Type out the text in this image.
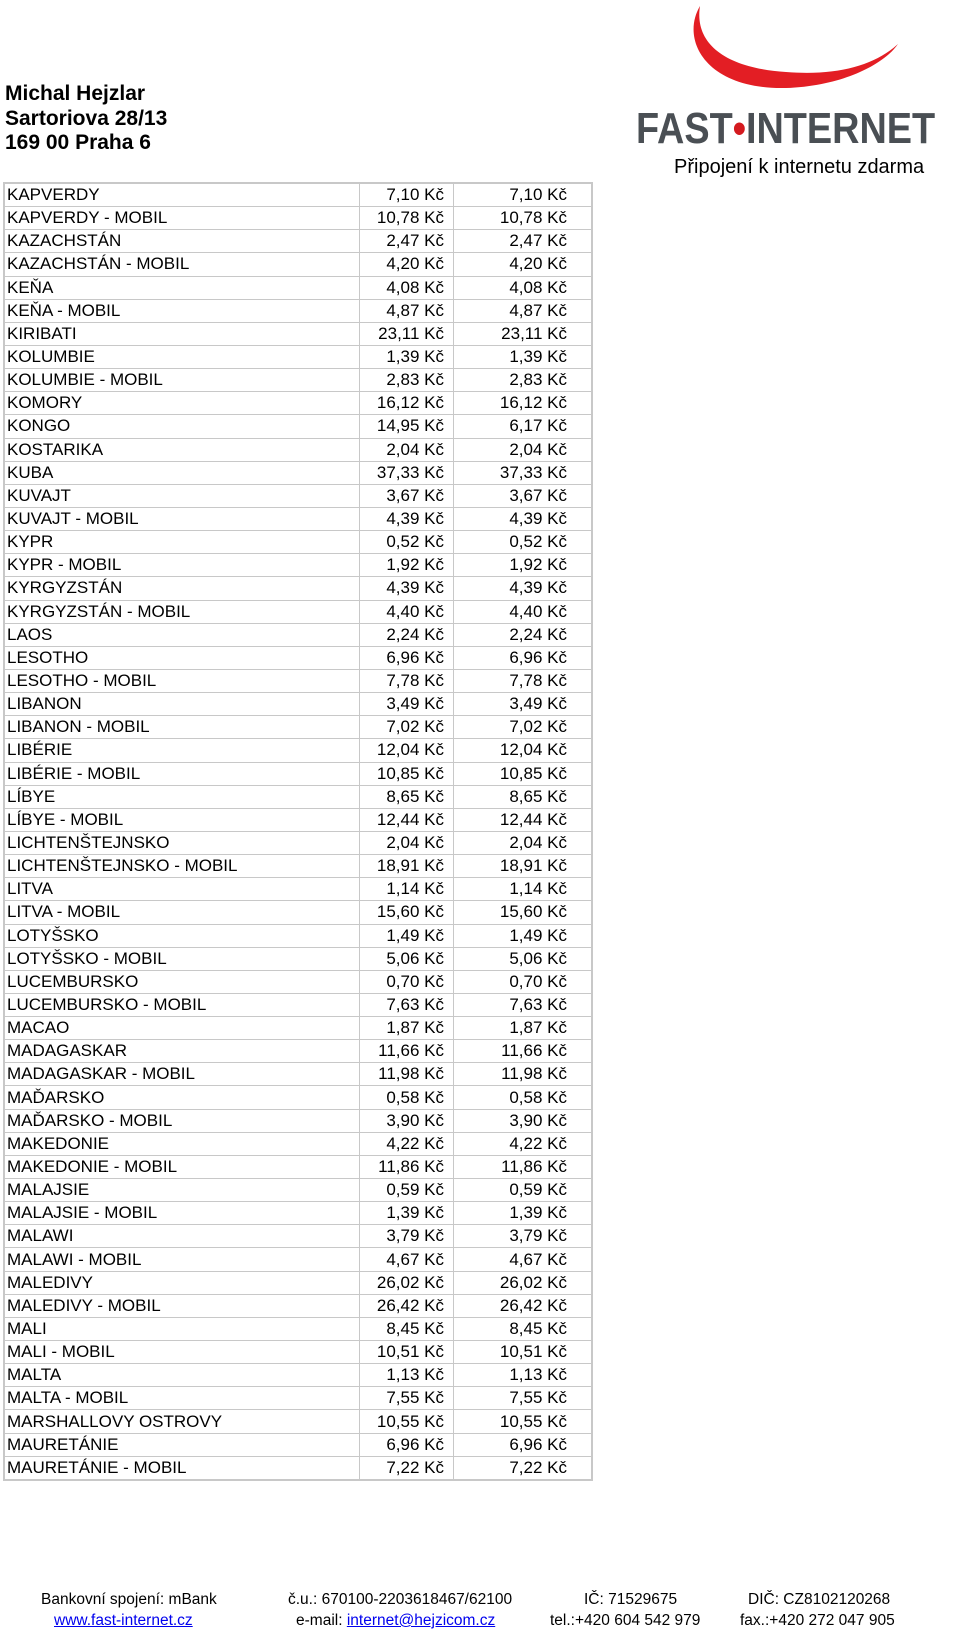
Michal Hejzlar
Sartoriova 28/13
169 00 Praha 6	FAST•INTERNET
Připojení k internetu zdarma
KAPVERDY	7,10 Kč	7,10 Kč
KAPVERDY - MOBIL	10,78 Kč	10,78 Kč
KAZACHSTÁN	2,47 Kč	2,47 Kč
KAZACHSTÁN - MOBIL	4,20 Kč	4,20 Kč
KEŇA	4,08 Kč	4,08 Kč
KEŇA - MOBIL	4,87 Kč	4,87 Kč
KIRIBATI	23,11 Kč	23,11 Kč
KOLUMBIE	1,39 Kč	1,39 Kč
KOLUMBIE - MOBIL	2,83 Kč	2,83 Kč
KOMORY	16,12 Kč	16,12 Kč
KONGO	14,95 Kč	6,17 Kč
KOSTARIKA	2,04 Kč	2,04 Kč
KUBA	37,33 Kč	37,33 Kč
KUVAJT	3,67 Kč	3,67 Kč
KUVAJT - MOBIL	4,39 Kč	4,39 Kč
KYPR	0,52 Kč	0,52 Kč
KYPR - MOBIL	1,92 Kč	1,92 Kč
KYRGYZSTÁN	4,39 Kč	4,39 Kč
KYRGYZSTÁN - MOBIL	4,40 Kč	4,40 Kč
LAOS	2,24 Kč	2,24 Kč
LESOTHO	6,96 Kč	6,96 Kč
LESOTHO - MOBIL	7,78 Kč	7,78 Kč
LIBANON	3,49 Kč	3,49 Kč
LIBANON - MOBIL	7,02 Kč	7,02 Kč
LIBÉRIE	12,04 Kč	12,04 Kč
LIBÉRIE - MOBIL	10,85 Kč	10,85 Kč
LÍBYE	8,65 Kč	8,65 Kč
LÍBYE - MOBIL	12,44 Kč	12,44 Kč
LICHTENŠTEJNSKO	2,04 Kč	2,04 Kč
LICHTENŠTEJNSKO - MOBIL	18,91 Kč	18,91 Kč
LITVA	1,14 Kč	1,14 Kč
LITVA - MOBIL	15,60 Kč	15,60 Kč
LOTYŠSKO	1,49 Kč	1,49 Kč
LOTYŠSKO - MOBIL	5,06 Kč	5,06 Kč
LUCEMBURSKO	0,70 Kč	0,70 Kč
LUCEMBURSKO - MOBIL	7,63 Kč	7,63 Kč
MACAO	1,87 Kč	1,87 Kč
MADAGASKAR	11,66 Kč	11,66 Kč
MADAGASKAR - MOBIL	11,98 Kč	11,98 Kč
MAĎARSKO	0,58 Kč	0,58 Kč
MAĎARSKO - MOBIL	3,90 Kč	3,90 Kč
MAKEDONIE	4,22 Kč	4,22 Kč
MAKEDONIE - MOBIL	11,86 Kč	11,86 Kč
MALAJSIE	0,59 Kč	0,59 Kč
MALAJSIE - MOBIL	1,39 Kč	1,39 Kč
MALAWI	3,79 Kč	3,79 Kč
MALAWI - MOBIL	4,67 Kč	4,67 Kč
MALEDIVY	26,02 Kč	26,02 Kč
MALEDIVY - MOBIL	26,42 Kč	26,42 Kč
MALI	8,45 Kč	8,45 Kč
MALI - MOBIL	10,51 Kč	10,51 Kč
MALTA	1,13 Kč	1,13 Kč
MALTA - MOBIL	7,55 Kč	7,55 Kč
MARSHALLOVY OSTROVY	10,55 Kč	10,55 Kč
MAURETÁNIE	6,96 Kč	6,96 Kč
MAURETÁNIE - MOBIL	7,22 Kč	7,22 Kč
Bankovní spojení: mBank	č.u.: 670100-2203618467/62100	IČ: 71529675	DIČ: CZ8102120268
www.fast-internet.cz	e-mail: internet@hejzicom.cz	tel.:+420 604 542 979	fax.:+420 272 047 905
